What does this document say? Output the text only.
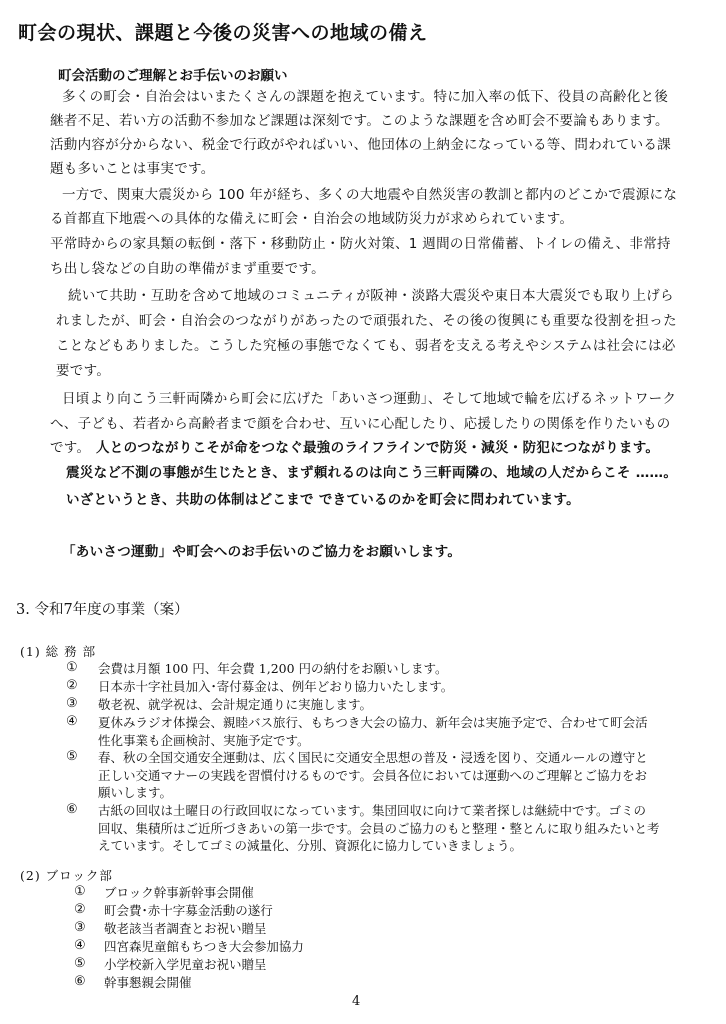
町会の現状、課題と今後の災害への地域の備え
町会活動のご理解とお手伝いのお願い
多くの町会・自治会はいまたくさんの課題を抱えています。特に加入率の低下、役員の高齢化と後
継者不足、若い方の活動不参加など課題は深刻です。このような課題を含め町会不要論もあります。
活動内容が分からない、税金で行政がやればいい、他団体の上納金になっている等、問われている課
題も多いことは事実です。
一方で、関東大震災から 100 年が経ち、多くの大地震や自然災害の教訓と都内のどこかで震源にな
る首都直下地震への具体的な備えに町会・自治会の地域防災力が求められています。
平常時からの家具類の転倒・落下・移動防止・防火対策、1 週間の日常備蓄、トイレの備え、非常持
ち出し袋などの自助の準備がまず重要です。
続いて共助・互助を含めて地域のコミュニティが阪神・淡路大震災や東日本大震災でも取り上げら
れましたが、町会・自治会のつながりがあったので頑張れた、その後の復興にも重要な役割を担った
ことなどもありました。こうした究極の事態でなくても、弱者を支える考えやシステムは社会には必
要です。
日頃より向こう三軒両隣から町会に広げた「あいさつ運動」、そして地域で輪を広げるネットワーク
へ、子ども、若者から高齢者まで顔を合わせ、互いに心配したり、応援したりの関係を作りたいもの
です。 人とのつながりこそが命をつなぐ最強のライフラインで防災・減災・防犯につながります。
震災など不測の事態が生じたとき、まず頼れるのは向こう三軒両隣の、地域の人だからこそ ……。
いざというとき、共助の体制はどこまで できているのかを町会に問われています。
「あいさつ運動」や町会へのお手伝いのご協力をお願いします。
3. 令和7年度の事業（案）
(1) 総 務 部
① 会費は月額 100 円、年会費 1,200 円の納付をお願いします。
② 日本赤十字社員加入･寄付募金は、例年どおり協力いたします。
③ 敬老祝、就学祝は、会計規定通りに実施します。
④ 夏休みラジオ体操会、親睦バス旅行、もちつき大会の協力、新年会は実施予定で、合わせて町会活
性化事業も企画検討、実施予定です。
⑤ 春、秋の全国交通安全運動は、広く国民に交通安全思想の普及・浸透を図り、交通ルールの遵守と
正しい交通マナーの実践を習慣付けるものです。会員各位においては運動へのご理解とご協力をお
願いします。
⑥ 古紙の回収は土曜日の行政回収になっています。集団回収に向けて業者探しは継続中です。ゴミの
回収、集積所はご近所づきあいの第一歩です。会員のご協力のもと整理・整とんに取り組みたいと考
えています。そしてゴミの減量化、分別、資源化に協力していきましょう。
(2) ブロック部
① ブロック幹事新幹事会開催
② 町会費･赤十字募金活動の遂行
③ 敬老該当者調査とお祝い贈呈
④ 四宮森児童館もちつき大会参加協力
⑤ 小学校新入学児童お祝い贈呈
⑥ 幹事懇親会開催
4
